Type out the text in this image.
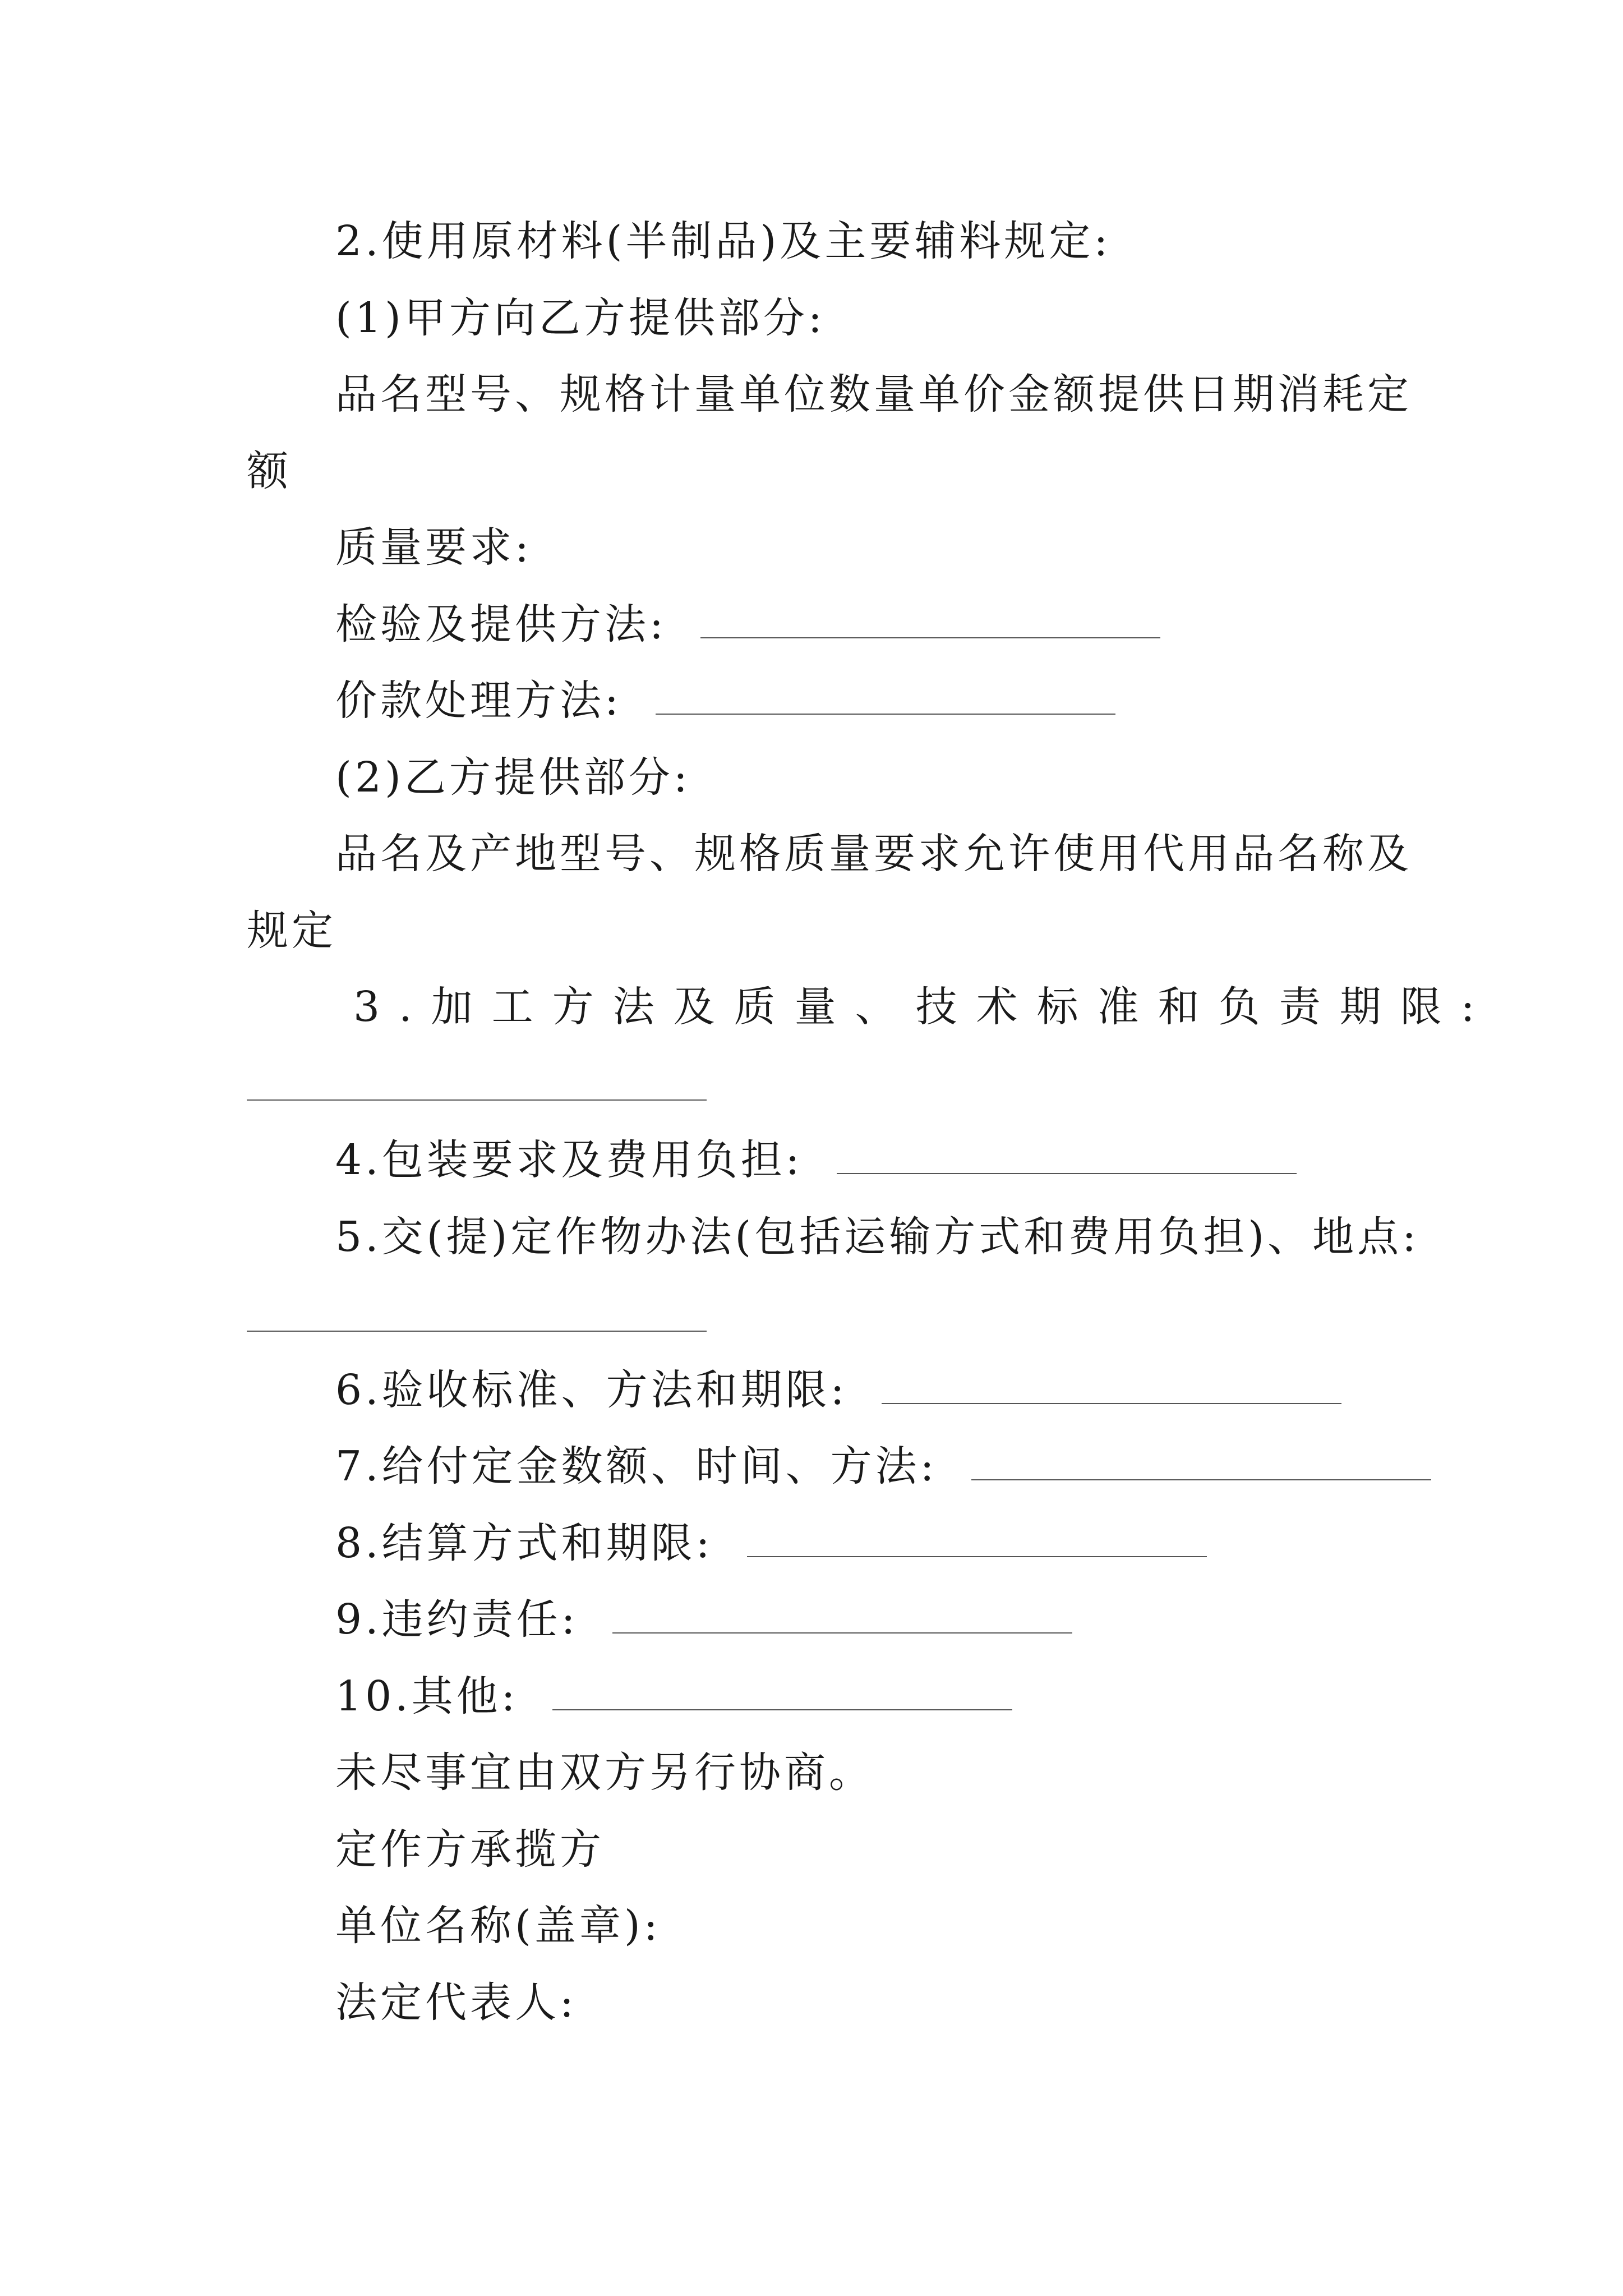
2.使用原材料(半制品)及主要辅料规定:
(1)甲方向乙方提供部分:
品名型号、规格计量单位数量单价金额提供日期消耗定
额
质量要求:
检验及提供方法:
价款处理方法:
(2)乙方提供部分:
品名及产地型号、规格质量要求允许使用代用品名称及
规定
3.加工方法及质量、技术标准和负责期限:
4.包装要求及费用负担:
5.交(提)定作物办法(包括运输方式和费用负担)、地点:
6.验收标准、方法和期限:
7.给付定金数额、时间、方法:
8.结算方式和期限:
9.违约责任:
10.其他:
未尽事宜由双方另行协商。
定作方承揽方
单位名称(盖章):
法定代表人:
